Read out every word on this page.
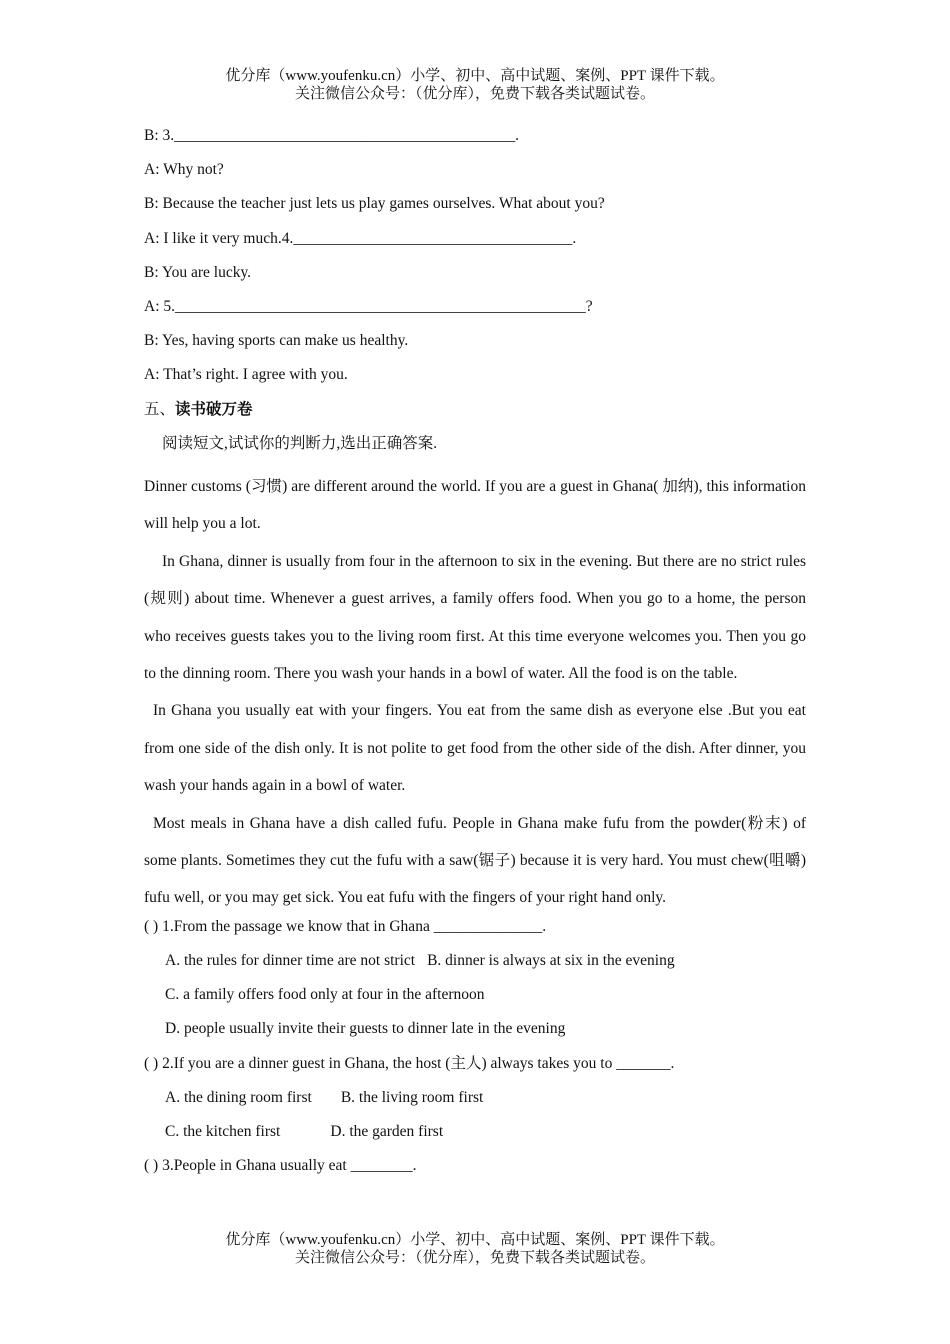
优分库（www.youfenku.cn）小学、初中、高中试题、案例、PPT 课件下载。
关注微信公众号：（优分库），免费下载各类试题试卷。

B: 3.____________________________________________.

A: Why not?

B: Because the teacher just lets us play games ourselves. What about you?

A: I like it very much.4.____________________________________.

B: You are lucky.

A: 5._____________________________________________________?

B: Yes, having sports can make us healthy.

A: That’s right. I agree with you.

五、读书破万卷

阅读短文,试试你的判断力,选出正确答案.

Dinner customs (习惯) are different around the world. If you are a guest in Ghana( 加纳), this information will help you a lot.

In Ghana, dinner is usually from four in the afternoon to six in the evening. But there are no strict rules (规则) about time. Whenever a guest arrives, a family offers food. When you go to a home, the person who receives guests takes you to the living room first. At this time everyone welcomes you. Then you go to the dinning room. There you wash your hands in a bowl of water. All the food is on the table.

In Ghana you usually eat with your fingers. You eat from the same dish as everyone else .But you eat from one side of the dish only. It is not polite to get food from the other side of the dish. After dinner, you wash your hands again in a bowl of water.

Most meals in Ghana have a dish called fufu. People in Ghana make fufu from the powder(粉末) of some plants. Sometimes they cut the fufu with a saw(锯子) because it is very hard. You must chew(咀嚼) fufu well, or you may get sick. You eat fufu with the fingers of your right hand only.

( ) 1.From the passage we know that in Ghana ______________.

A. the rules for dinner time are not strict B. dinner is always at six in the evening

C. a family offers food only at four in the afternoon

D. people usually invite their guests to dinner late in the evening

( ) 2.If you are a dinner guest in Ghana, the host (主人) always takes you to _______.

A. the dining room first B. the living room first

C. the kitchen first	D. the garden first

( ) 3.People in Ghana usually eat ________.

优分库（www.youfenku.cn）小学、初中、高中试题、案例、PPT 课件下载。
关注微信公众号：（优分库），免费下载各类试题试卷。
